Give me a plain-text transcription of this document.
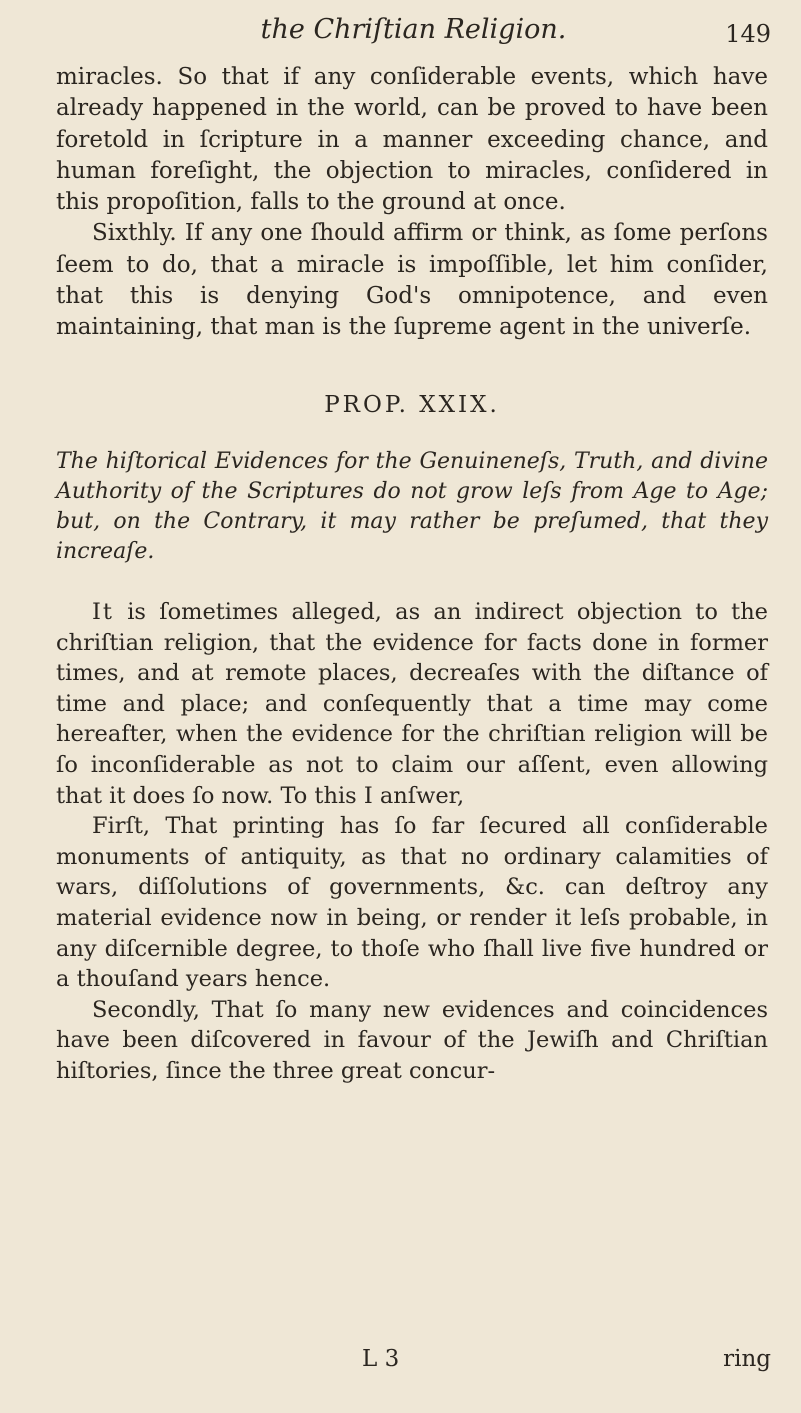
the Chriſtian Religion.	149

miracles. So that if any conſiderable events, which have already happened in the world, can be proved to have been foretold in ſcripture in a manner exceeding chance, and human foreſight, the objection to miracles, conſidered in this propoſition, falls to the ground at once.

Sixthly. If any one ſhould affirm or think, as ſome perſons ſeem to do, that a miracle is impoſſible, let him conſider, that this is denying God's omnipotence, and even maintaining, that man is the ſupreme agent in the univerſe.

PROP. XXIX.

The hiſtorical Evidences for the Genuineneſs, Truth, and divine Authority of the Scriptures do not grow leſs from Age to Age; but, on the Contrary, it may rather be preſumed, that they increaſe.

It is ſometimes alleged, as an indirect objection to the chriſtian religion, that the evidence for facts done in former times, and at remote places, decreaſes with the diſtance of time and place; and conſequently that a time may come hereafter, when the evidence for the chriſtian religion will be ſo inconſiderable as not to claim our aſſent, even allowing that it does ſo now. To this I anſwer,

Firſt, That printing has ſo far ſecured all conſiderable monuments of antiquity, as that no ordinary calamities of wars, diſſolutions of governments, &c. can deſtroy any material evidence now in being, or render it leſs probable, in any diſcernible degree, to thoſe who ſhall live five hundred or a thouſand years hence.

Secondly, That ſo many new evidences and coincidences have been diſcovered in favour of the Jewiſh and Chriſtian hiſtories, ſince the three great concur-

L 3	ring
